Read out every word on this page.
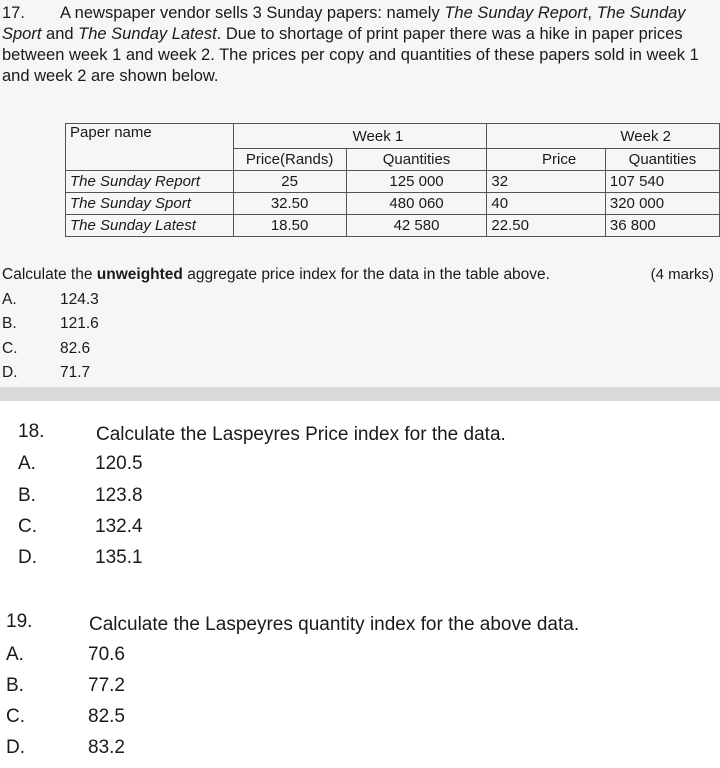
17. A newspaper vendor sells 3 Sunday papers: namely The Sunday Report, The Sunday Sport and The Sunday Latest. Due to shortage of print paper there was a hike in paper prices between week 1 and week 2. The prices per copy and quantities of these papers sold in week 1 and week 2 are shown below.
Paper name	Week 1		Week 2	
	Price(Rands)	Quantities	Price	Quantities
The Sunday Report	25	125 000	32	107 540
The Sunday Sport	32.50	480 060	40	320 000
The Sunday Latest	18.50	42 580	22.50	36 800
Calculate the unweighted aggregate price index for the data in the table above.	(4 marks)
A.	124.3
B.	121.6
C.	82.6
D.	71.7
18.	Calculate the Laspeyres Price index for the data.
A.	120.5
B.	123.8
C.	132.4
D.	135.1
19.	Calculate the Laspeyres quantity index for the above data.
A.	70.6
B.	77.2
C.	82.5
D.	83.2
